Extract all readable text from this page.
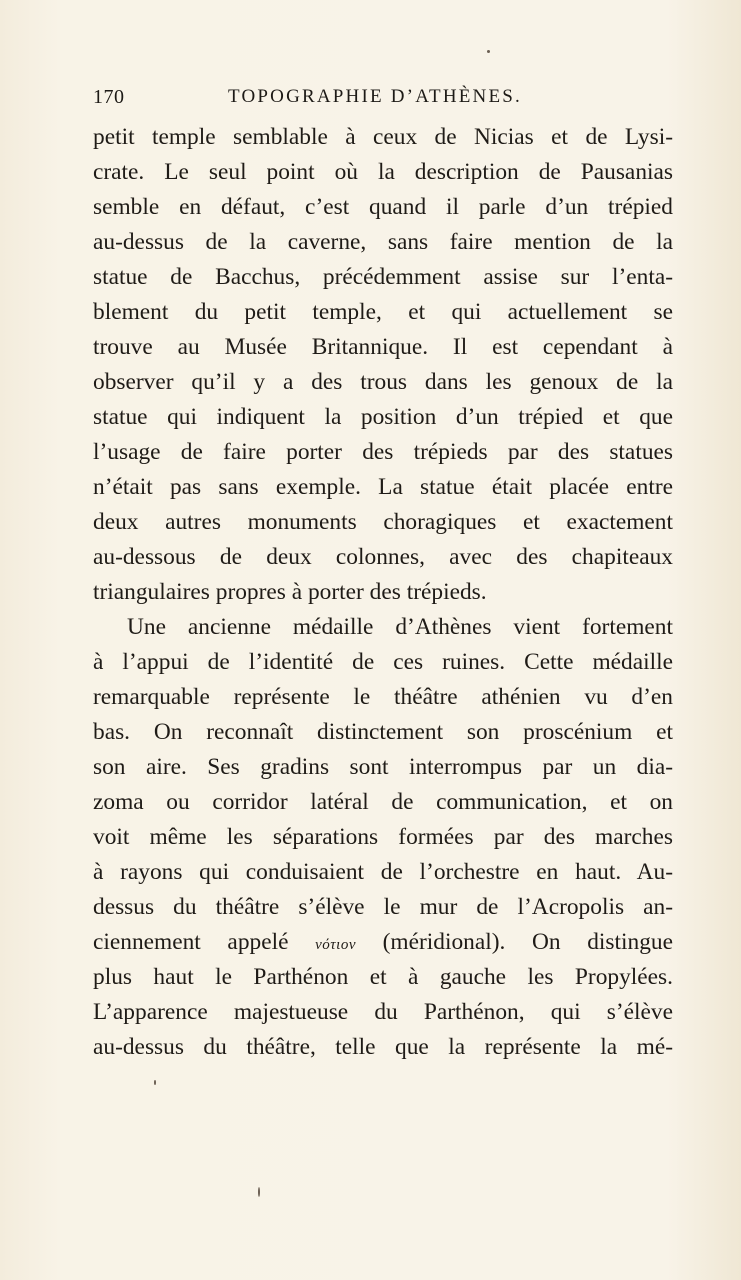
170	TOPOGRAPHIE D’ATHÈNES.
petit temple semblable à ceux de Nicias et de Lysi-
crate. Le seul point où la description de Pausanias
semble en défaut, c’est quand il parle d’un trépied
au-dessus de la caverne, sans faire mention de la
statue de Bacchus, précédemment assise sur l’enta-
blement du petit temple, et qui actuellement se
trouve au Musée Britannique. Il est cependant à
observer qu’il y a des trous dans les genoux de la
statue qui indiquent la position d’un trépied et que
l’usage de faire porter des trépieds par des statues
n’était pas sans exemple. La statue était placée entre
deux autres monuments choragiques et exactement
au-dessous de deux colonnes, avec des chapiteaux
triangulaires propres à porter des trépieds.
Une ancienne médaille d’Athènes vient fortement
à l’appui de l’identité de ces ruines. Cette médaille
remarquable représente le théâtre athénien vu d’en
bas. On reconnaît distinctement son proscénium et
son aire. Ses gradins sont interrompus par un dia-
zoma ou corridor latéral de communication, et on
voit même les séparations formées par des marches
à rayons qui conduisaient de l’orchestre en haut. Au-
dessus du théâtre s’élève le mur de l’Acropolis an-
ciennement appelé νότιον (méridional). On distingue
plus haut le Parthénon et à gauche les Propylées.
L’apparence majestueuse du Parthénon, qui s’élève
au-dessus du théâtre, telle que la représente la mé-
